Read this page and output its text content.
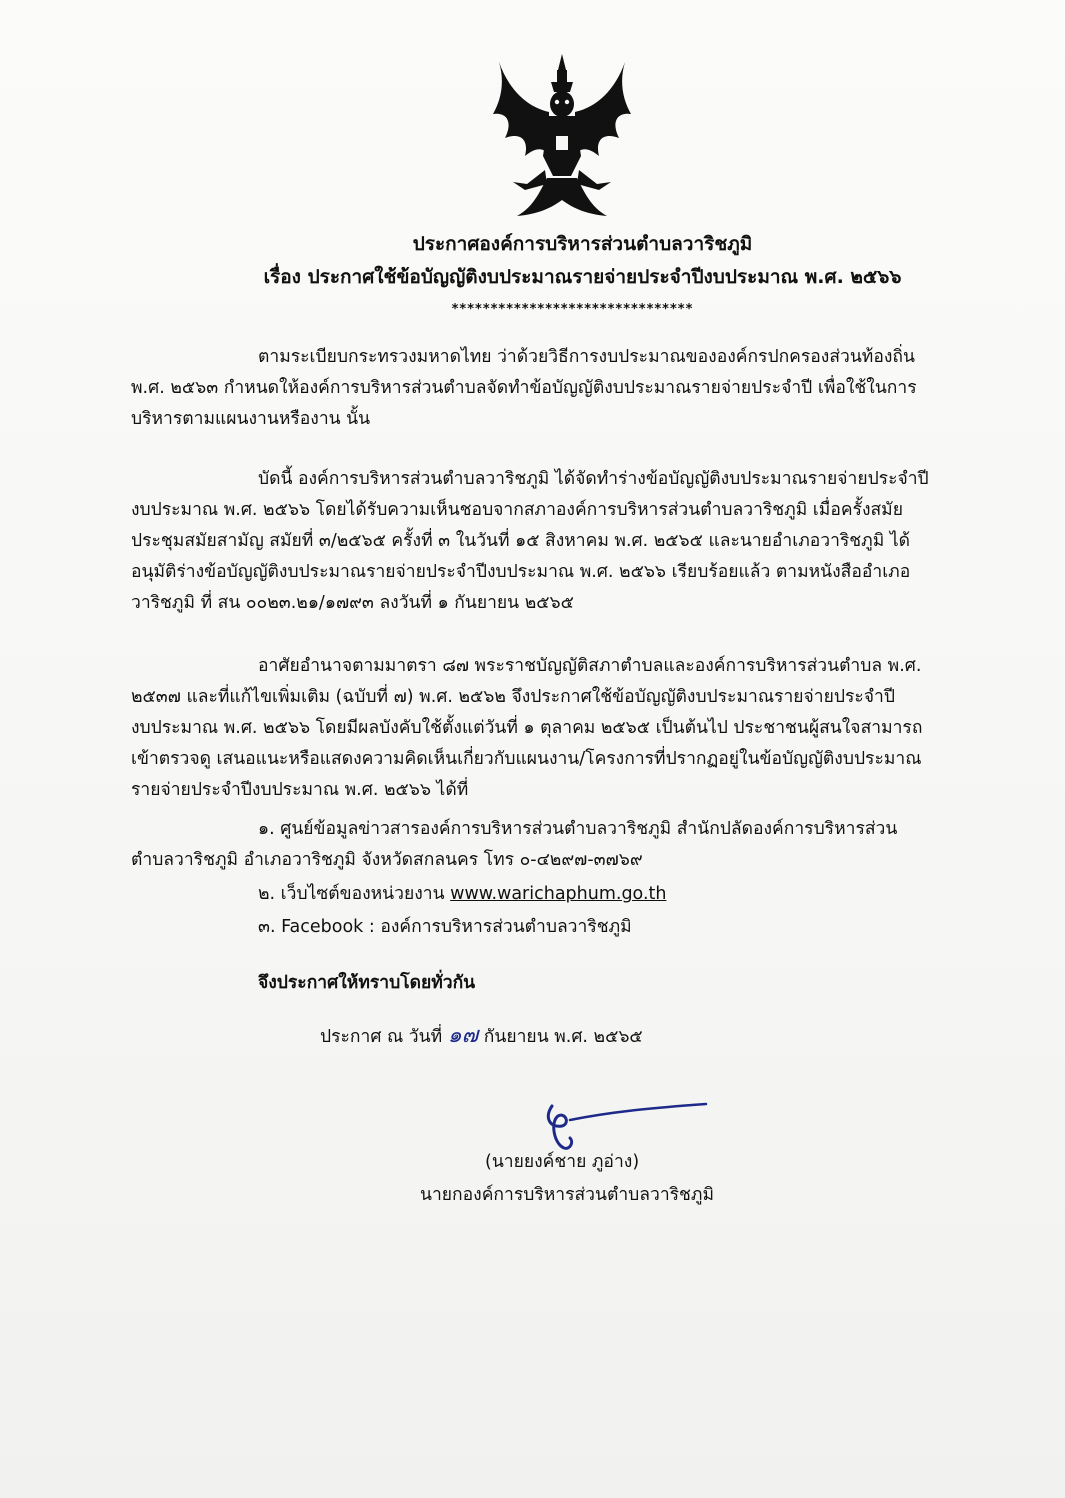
ประกาศองค์การบริหารส่วนตำบลวาริชภูมิ
เรื่อง ประกาศใช้ข้อบัญญัติงบประมาณรายจ่ายประจำปีงบประมาณ พ.ศ. ๒๕๖๖
*******************************
ตามระเบียบกระทรวงมหาดไทย ว่าด้วยวิธีการงบประมาณขององค์กรปกครองส่วนท้องถิ่น
พ.ศ. ๒๕๖๓ กำหนดให้องค์การบริหารส่วนตำบลจัดทำข้อบัญญัติงบประมาณรายจ่ายประจำปี เพื่อใช้ในการ
บริหารตามแผนงานหรืองาน นั้น
บัดนี้ องค์การบริหารส่วนตำบลวาริชภูมิ ได้จัดทำร่างข้อบัญญัติงบประมาณรายจ่ายประจำปี
งบประมาณ พ.ศ. ๒๕๖๖ โดยได้รับความเห็นชอบจากสภาองค์การบริหารส่วนตำบลวาริชภูมิ เมื่อครั้งสมัย
ประชุมสมัยสามัญ สมัยที่ ๓/๒๕๖๕ ครั้งที่ ๓ ในวันที่ ๑๕ สิงหาคม พ.ศ. ๒๕๖๕ และนายอำเภอวาริชภูมิ ได้
อนุมัติร่างข้อบัญญัติงบประมาณรายจ่ายประจำปีงบประมาณ พ.ศ. ๒๕๖๖ เรียบร้อยแล้ว ตามหนังสืออำเภอ
วาริชภูมิ ที่ สน ๐๐๒๓.๒๑/๑๗๙๓ ลงวันที่ ๑ กันยายน ๒๕๖๕
อาศัยอำนาจตามมาตรา ๘๗ พระราชบัญญัติสภาตำบลและองค์การบริหารส่วนตำบล พ.ศ.
๒๕๓๗ และที่แก้ไขเพิ่มเติม (ฉบับที่ ๗) พ.ศ. ๒๕๖๒ จึงประกาศใช้ข้อบัญญัติงบประมาณรายจ่ายประจำปี
งบประมาณ พ.ศ. ๒๕๖๖ โดยมีผลบังคับใช้ตั้งแต่วันที่ ๑ ตุลาคม ๒๕๖๕ เป็นต้นไป ประชาชนผู้สนใจสามารถ
เข้าตรวจดู เสนอแนะหรือแสดงความคิดเห็นเกี่ยวกับแผนงาน/โครงการที่ปรากฏอยู่ในข้อบัญญัติงบประมาณ
รายจ่ายประจำปีงบประมาณ พ.ศ. ๒๕๖๖ ได้ที่
๑. ศูนย์ข้อมูลข่าวสารองค์การบริหารส่วนตำบลวาริชภูมิ สำนักปลัดองค์การบริหารส่วน
ตำบลวาริชภูมิ อำเภอวาริชภูมิ จังหวัดสกลนคร โทร ๐-๔๒๙๗-๓๗๖๙
๒. เว็บไซต์ของหน่วยงาน www.warichaphum.go.th
๓. Facebook : องค์การบริหารส่วนตำบลวาริชภูมิ
จึงประกาศให้ทราบโดยทั่วกัน
ประกาศ ณ วันที่ ๑๗ กันยายน พ.ศ. ๒๕๖๕
(นายยงค์ชาย ภูอ่าง)
นายกองค์การบริหารส่วนตำบลวาริชภูมิ
